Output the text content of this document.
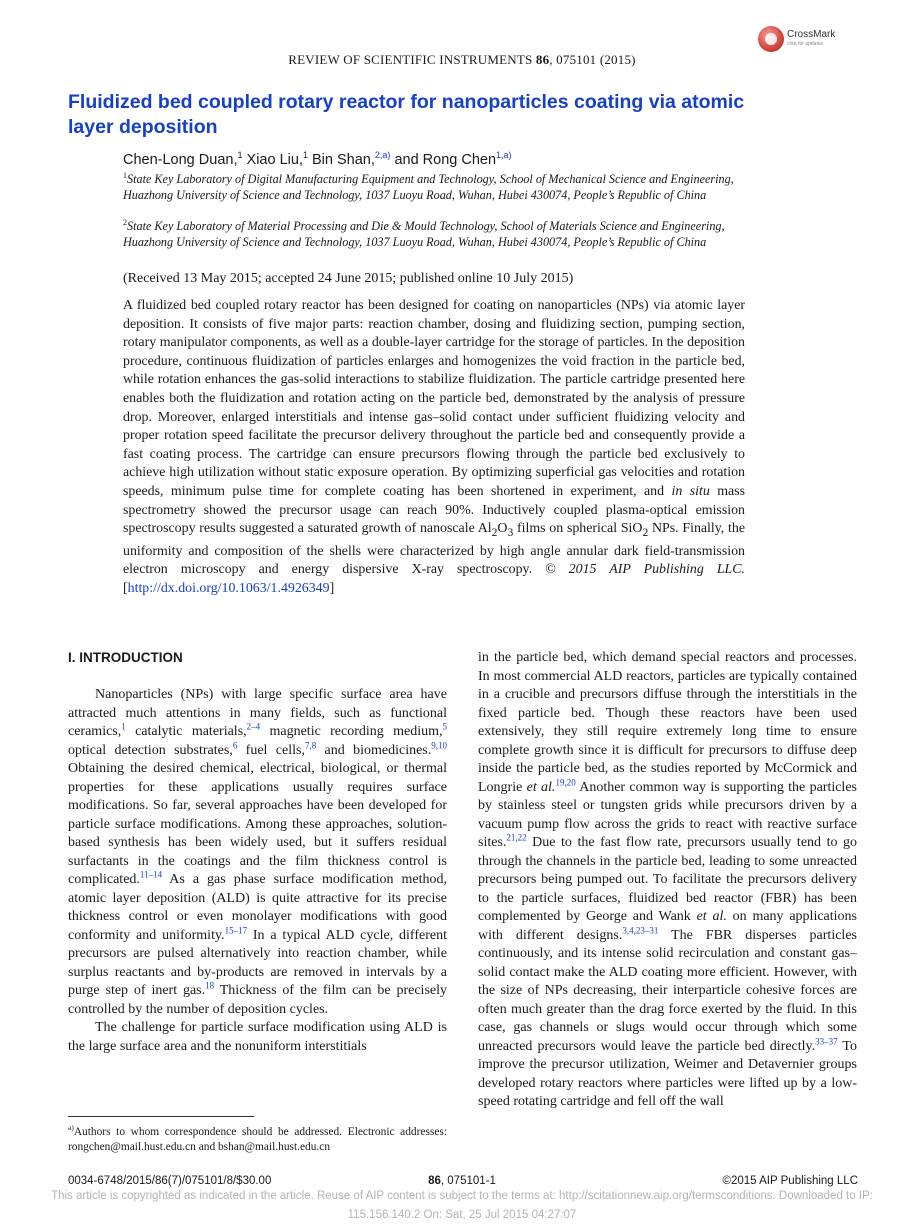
REVIEW OF SCIENTIFIC INSTRUMENTS 86, 075101 (2015)
CrossMark
click for updates
Fluidized bed coupled rotary reactor for nanoparticles coating via atomic layer deposition
Chen-Long Duan,$^1$ Xiao Liu,$^1$ Bin Shan,$^{2,a)}$ and Rong Chen$^{1,a)}$
$^1$State Key Laboratory of Digital Manufacturing Equipment and Technology, School of Mechanical Science and Engineering, Huazhong University of Science and Technology, 1037 Luoyu Road, Wuhan, Hubei 430074, People’s Republic of China
$^2$State Key Laboratory of Material Processing and Die & Mould Technology, School of Materials Science and Engineering, Huazhong University of Science and Technology, 1037 Luoyu Road, Wuhan, Hubei 430074, People’s Republic of China
(Received 13 May 2015; accepted 24 June 2015; published online 10 July 2015)
A fluidized bed coupled rotary reactor has been designed for coating on nanoparticles (NPs) via atomic layer deposition. It consists of five major parts: reaction chamber, dosing and fluidizing section, pumping section, rotary manipulator components, as well as a double-layer cartridge for the storage of particles. In the deposition procedure, continuous fluidization of particles enlarges and homogenizes the void fraction in the particle bed, while rotation enhances the gas-solid interactions to stabilize fluidization. The particle cartridge presented here enables both the fluidization and rotation acting on the particle bed, demonstrated by the analysis of pressure drop. Moreover, enlarged interstitials and intense gas–solid contact under sufficient fluidizing velocity and proper rotation speed facilitate the precursor delivery throughout the particle bed and consequently provide a fast coating process. The cartridge can ensure precursors flowing through the particle bed exclusively to achieve high utilization without static exposure operation. By optimizing superficial gas velocities and rotation speeds, minimum pulse time for complete coating has been shortened in experiment, and in situ mass spectrometry showed the precursor usage can reach 90%. Inductively coupled plasma-optical emission spectroscopy results suggested a saturated growth of nanoscale $Al_2O_3$ films on spherical SiO$_2$ NPs. Finally, the uniformity and composition of the shells were characterized by high angle annular dark field-transmission electron microscopy and energy dispersive X-ray spectroscopy. © 2015 AIP Publishing LLC. [http://dx.doi.org/10.1063/1.4926349]
I. INTRODUCTION

Nanoparticles (NPs) with large specific surface area have attracted much attentions in many fields, such as functional ceramics,$^1$ catalytic materials,$^{2-4}$ magnetic recording medium,$^5$ optical detection substrates,$^6$ fuel cells,$^{7,8}$ and biomedicines.$^{9,10}$ Obtaining the desired chemical, electrical, biological, or thermal properties for these applications usually requires surface modifications. So far, several approaches have been developed for particle surface modifications. Among these approaches, solution-based synthesis has been widely used, but it suffers residual surfactants in the coatings and the film thickness control is complicated.$^{11-14}$ As a gas phase surface modification method, atomic layer deposition (ALD) is quite attractive for its precise thickness control or even monolayer modifications with good conformity and uniformity.$^{15-17}$ In a typical ALD cycle, different precursors are pulsed alternatively into reaction chamber, while surplus reactants and by-products are removed in intervals by a purge step of inert gas.$^{18}$ Thickness of the film can be precisely controlled by the number of deposition cycles.

The challenge for particle surface modification using ALD is the large surface area and the nonuniform interstitials

in the particle bed, which demand special reactors and processes. In most commercial ALD reactors, particles are typically contained in a crucible and precursors diffuse through the interstitials in the fixed particle bed. Though these reactors have been used extensively, they still require extremely long time to ensure complete growth since it is difficult for precursors to diffuse deep inside the particle bed, as the studies reported by McCormick and Longrie et al.$^{19,20}$ Another common way is supporting the particles by stainless steel or tungsten grids while precursors driven by a vacuum pump flow across the grids to react with reactive surface sites.$^{21,22}$ Due to the fast flow rate, precursors usually tend to go through the channels in the particle bed, leading to some unreacted precursors being pumped out. To facilitate the precursors delivery to the particle surfaces, fluidized bed reactor (FBR) has been complemented by George and Wank et al. on many applications with different designs.$^{3,4,23-31}$ The FBR disperses particles continuously, and its intense solid recirculation and constant gas–solid contact make the ALD coating more efficient. However, with the size of NPs decreasing, their interparticle cohesive forces are often much greater than the drag force exerted by the fluid. In this case, gas channels or slugs would occur through which some unreacted precursors would leave the particle bed directly.$^{33-37}$ To improve the precursor utilization, Weimer and Detavernier groups developed rotary reactors where particles were lifted up by a low-speed rotating cartridge and fell off the wall

$^{a)}$Authors to whom correspondence should be addressed. Electronic addresses: rongchen@mail.hust.edu.cn and bshan@mail.hust.edu.cn
0034-6748/2015/86(7)/075101/8/$30.00	86, 075101-1	©2015 AIP Publishing LLC
This article is copyrighted as indicated in the article. Reuse of AIP content is subject to the terms at: http://scitationnew.aip.org/termsconditions. Downloaded to IP:
115.156.140.2 On: Sat, 25 Jul 2015 04:27:07
